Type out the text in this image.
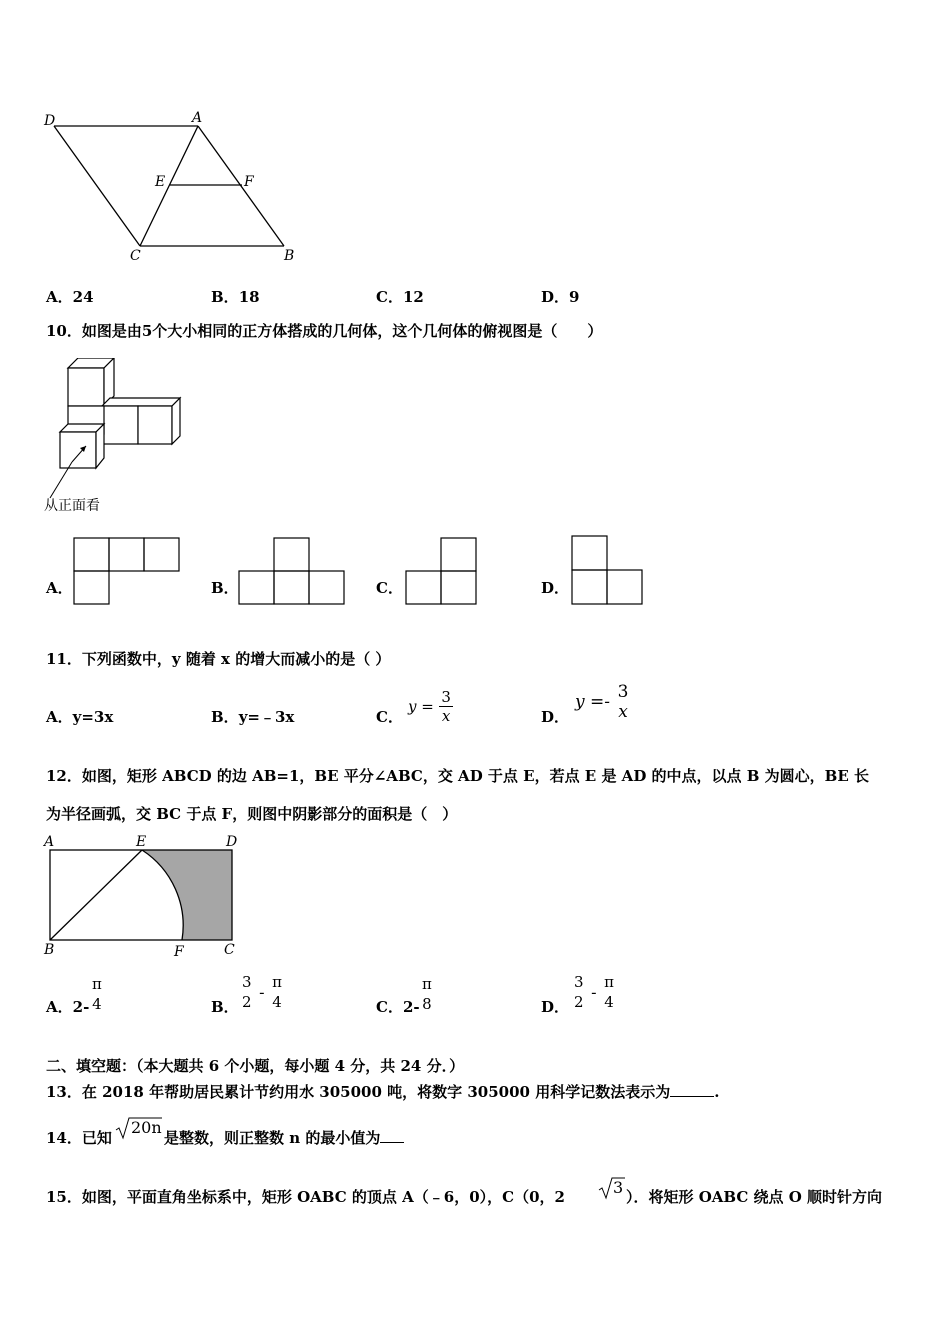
D	A
E	F
C	B
A．24	B．18	C．12	D．9
10．如图是由5个大小相同的正方体搭成的几何体，这个几何体的俯视图是（　　）
从正面看
A．	B．	C．	D．
11．下列函数中，y 随着 x 的增大而减小的是（ ）
A．y=3x	B．y=﹣3x	C．
$y = \frac{3}{x}$	D．
y =- 3
x
12．如图，矩形 ABCD 的边 AB=1，BE 平分∠ABC，交 AD 于点 E，若点 E 是 AD 的中点，以点 B 为圆心，BE 长
为半径画弧，交 BC 于点 F，则图中阴影部分的面积是（　）
A	E	D
B	F	C
A．2-
π
4	B．
3
2
-
π
4	C．2-
π
8	D．
3
2
-
π
4
二、填空题：（本大题共 6 个小题，每小题 4 分，共 24 分．）
13．在 2018 年帮助居民累计节约用水 305000 吨，将数字 305000 用科学记数法表示为	.
14．已知
20n
是整数，则正整数 n 的最小值为
15．如图，平面直角坐标系中，矩形 OABC 的顶点 A（﹣6，0），C（0，2	3 ）．将矩形 OABC 绕点 O 顺时针方向
